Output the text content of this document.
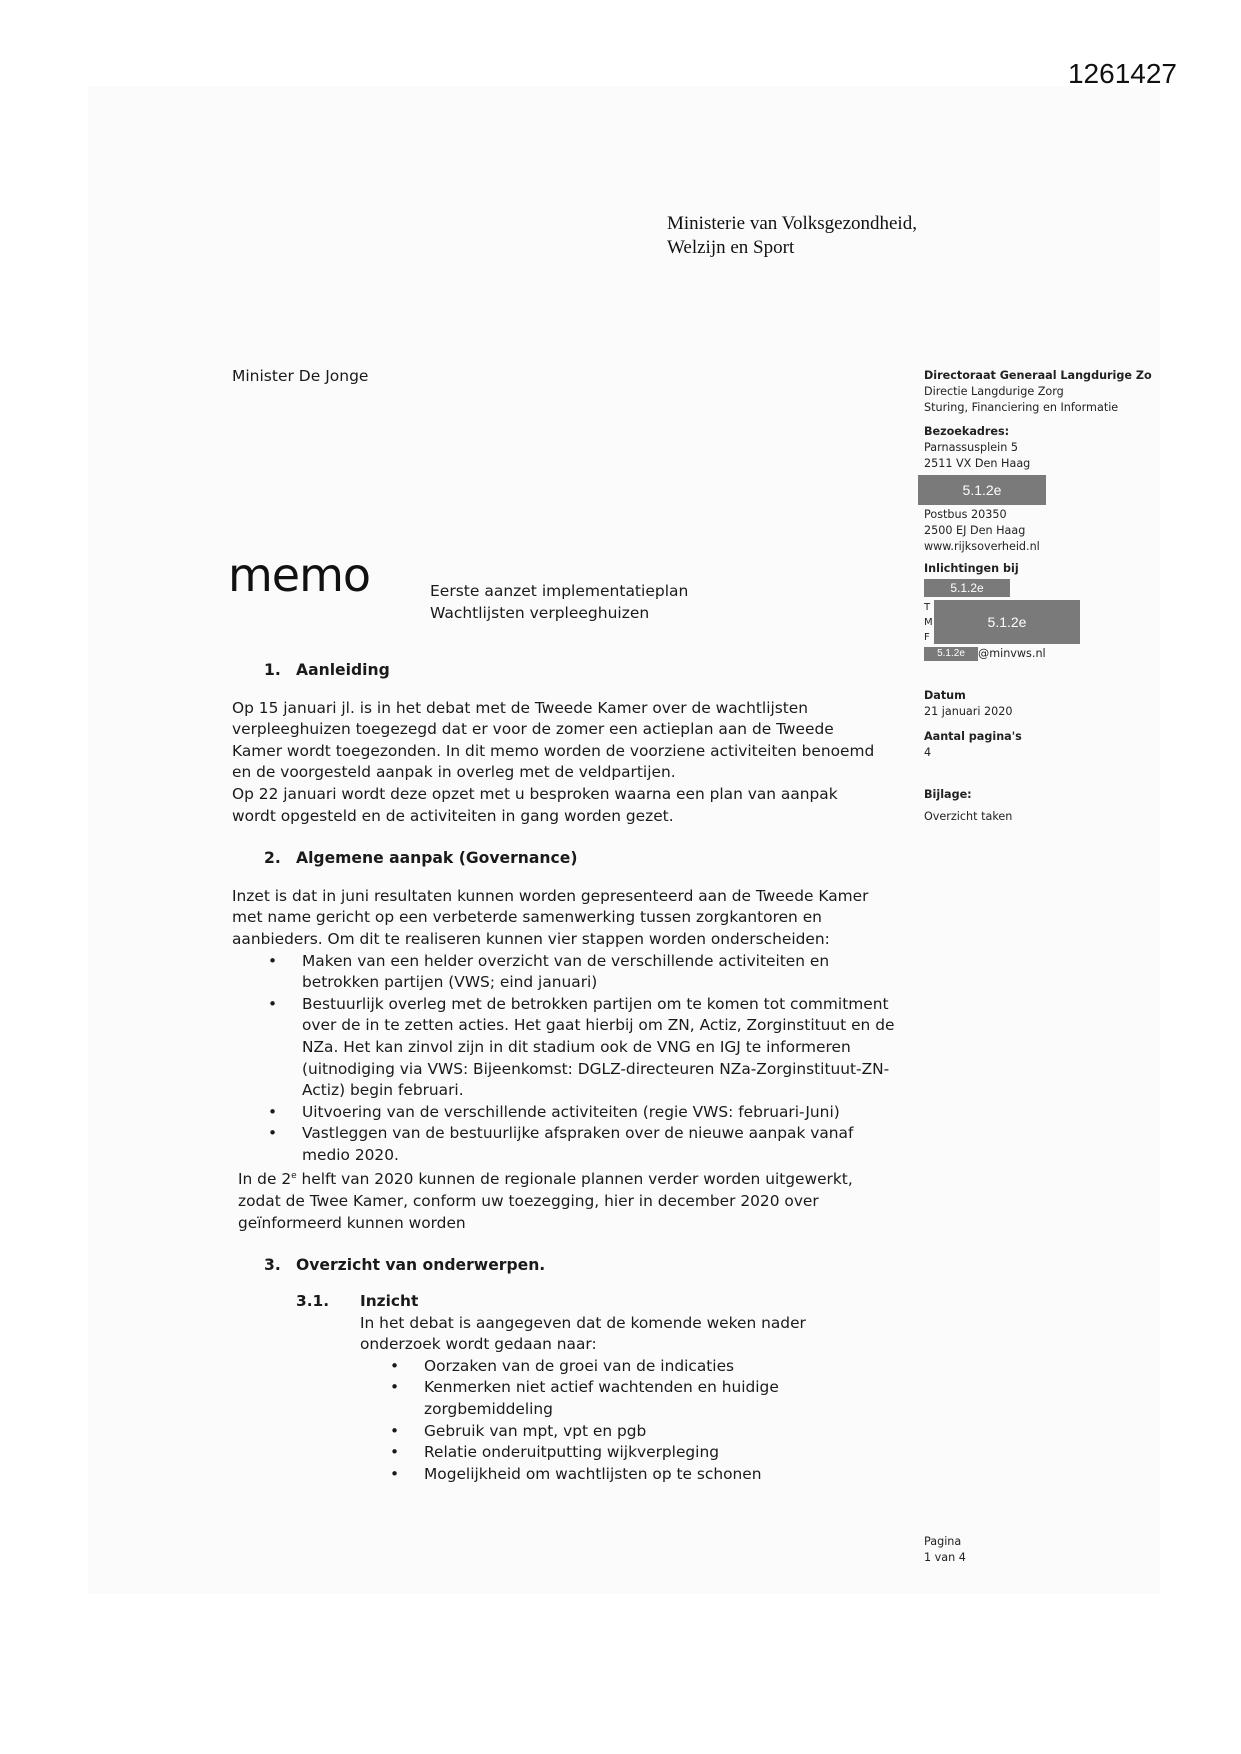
1261427
Ministerie van Volksgezondheid,
Welzijn en Sport
Minister De Jonge
memo	Eerste aanzet implementatieplan
Wachtlijsten verpleeghuizen
1. Aanleiding
Op 15 januari jl. is in het debat met de Tweede Kamer over de wachtlijsten
verpleeghuizen toegezegd dat er voor de zomer een actieplan aan de Tweede
Kamer wordt toegezonden. In dit memo worden de voorziene activiteiten benoemd
en de voorgesteld aanpak in overleg met de veldpartijen.
Op 22 januari wordt deze opzet met u besproken waarna een plan van aanpak
wordt opgesteld en de activiteiten in gang worden gezet.
2. Algemene aanpak (Governance)
Inzet is dat in juni resultaten kunnen worden gepresenteerd aan de Tweede Kamer
met name gericht op een verbeterde samenwerking tussen zorgkantoren en
aanbieders. Om dit te realiseren kunnen vier stappen worden onderscheiden:
• Maken van een helder overzicht van de verschillende activiteiten en betrokken partijen (VWS; eind januari)
• Bestuurlijk overleg met de betrokken partijen om te komen tot commitment over de in te zetten acties. Het gaat hierbij om ZN, Actiz, Zorginstituut en de NZa. Het kan zinvol zijn in dit stadium ook de VNG en IGJ te informeren (uitnodiging via VWS: Bijeenkomst: DGLZ-directeuren NZa-Zorginstituut-ZN-Actiz) begin februari.
• Uitvoering van de verschillende activiteiten (regie VWS: februari-Juni)
• Vastleggen van de bestuurlijke afspraken over de nieuwe aanpak vanaf medio 2020.
In de 2e helft van 2020 kunnen de regionale plannen verder worden uitgewerkt,
zodat de Twee Kamer, conform uw toezegging, hier in december 2020 over
geïnformeerd kunnen worden
3. Overzicht van onderwerpen.
3.1.	Inzicht
In het debat is aangegeven dat de komende weken nader
onderzoek wordt gedaan naar:
• Oorzaken van de groei van de indicaties
• Kenmerken niet actief wachtenden en huidige zorgbemiddeling
• Gebruik van mpt, vpt en pgb
• Relatie onderuitputting wijkverpleging
• Mogelijkheid om wachtlijsten op te schonen
Directoraat Generaal Langdurige Zo
Directie Langdurige Zorg
Sturing, Financiering en Informatie
Bezoekadres:
Parnassusplein 5
2511 VX Den Haag
5.1.2e
Postbus 20350
2500 EJ Den Haag
www.rijksoverheid.nl
Inlichtingen bij
5.1.2e
T
M
F
5.1.2e
5.1.2e	@minvws.nl
Datum
21 januari 2020
Aantal pagina's
4
Bijlage:
Overzicht taken
Pagina
1 van 4
